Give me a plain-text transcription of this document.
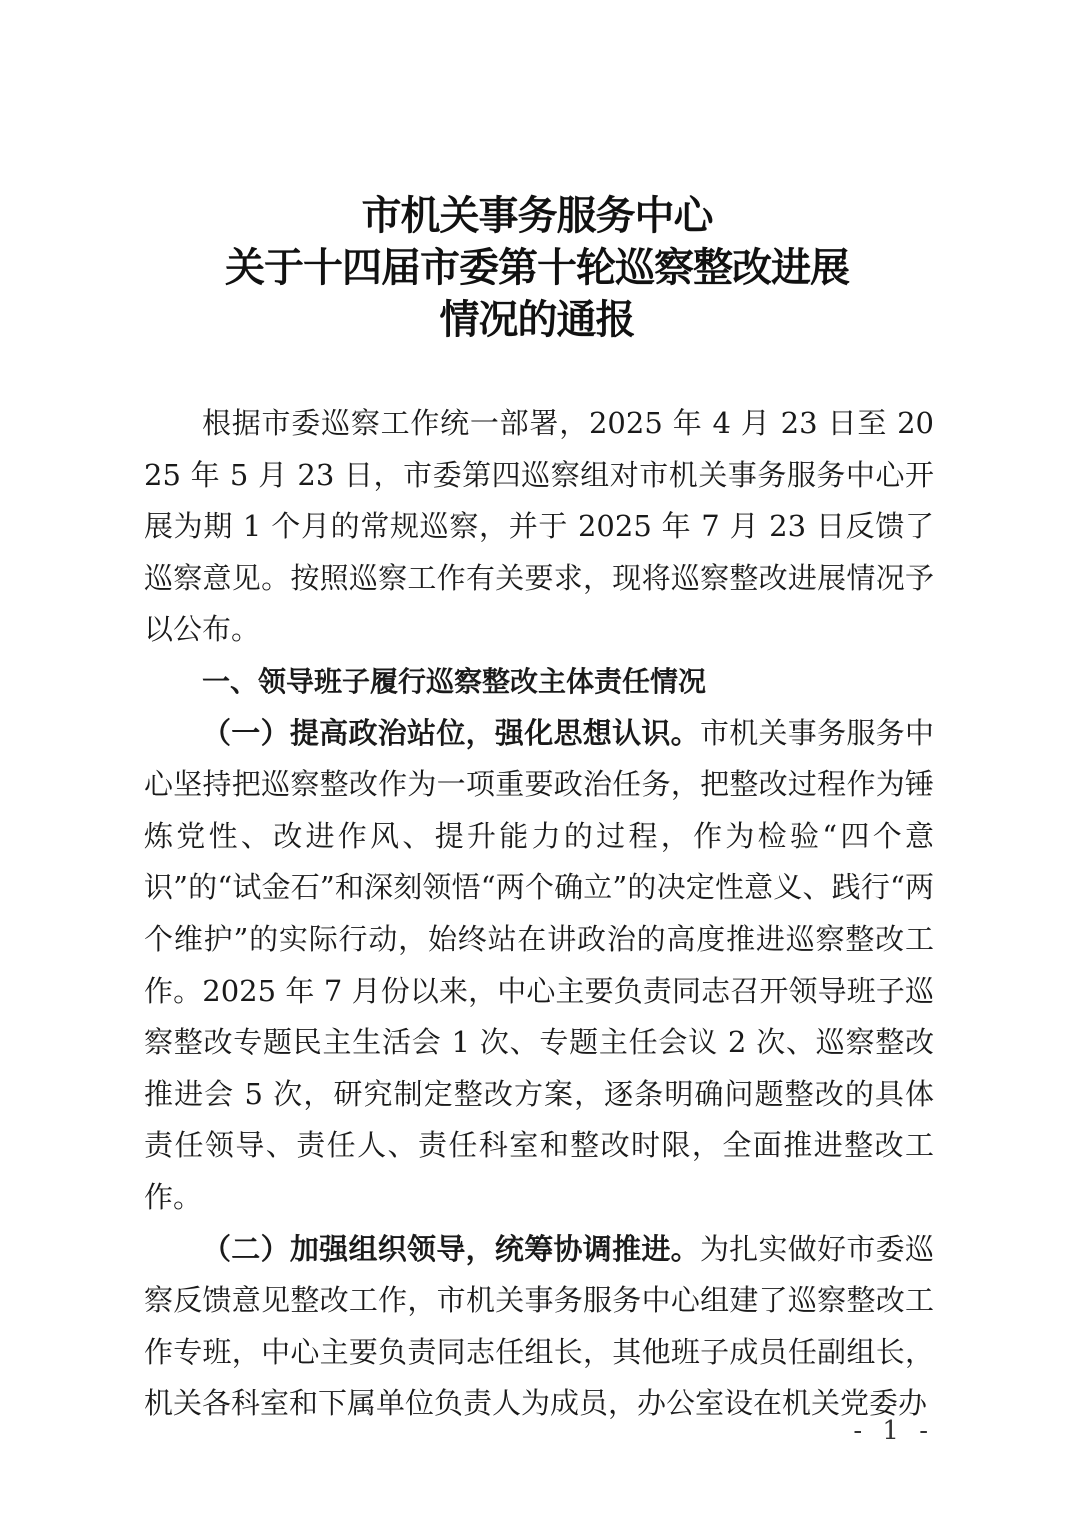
市机关事务服务中心
关于十四届市委第十轮巡察整改进展
情况的通报

根据市委巡察工作统一部署，2025 年 4 月 23 日至 2025 年 5 月 23 日，市委第四巡察组对市机关事务服务中心开展为期 1 个月的常规巡察，并于 2025 年 7 月 23 日反馈了巡察意见。按照巡察工作有关要求，现将巡察整改进展情况予以公布。

一、领导班子履行巡察整改主体责任情况

（一）提高政治站位，强化思想认识。市机关事务服务中心坚持把巡察整改作为一项重要政治任务，把整改过程作为锤炼党性、改进作风、提升能力的过程，作为检验“四个意识”的“试金石”和深刻领悟“两个确立”的决定性意义、践行“两个维护”的实际行动，始终站在讲政治的高度推进巡察整改工作。2025 年 7 月份以来，中心主要负责同志召开领导班子巡察整改专题民主生活会 1 次、专题主任会议 2 次、巡察整改推进会 5 次，研究制定整改方案，逐条明确问题整改的具体责任领导、责任人、责任科室和整改时限，全面推进整改工作。

（二）加强组织领导，统筹协调推进。为扎实做好市委巡察反馈意见整改工作，市机关事务服务中心组建了巡察整改工作专班，中心主要负责同志任组长，其他班子成员任副组长，机关各科室和下属单位负责人为成员，办公室设在机关党委办

- 1 -
